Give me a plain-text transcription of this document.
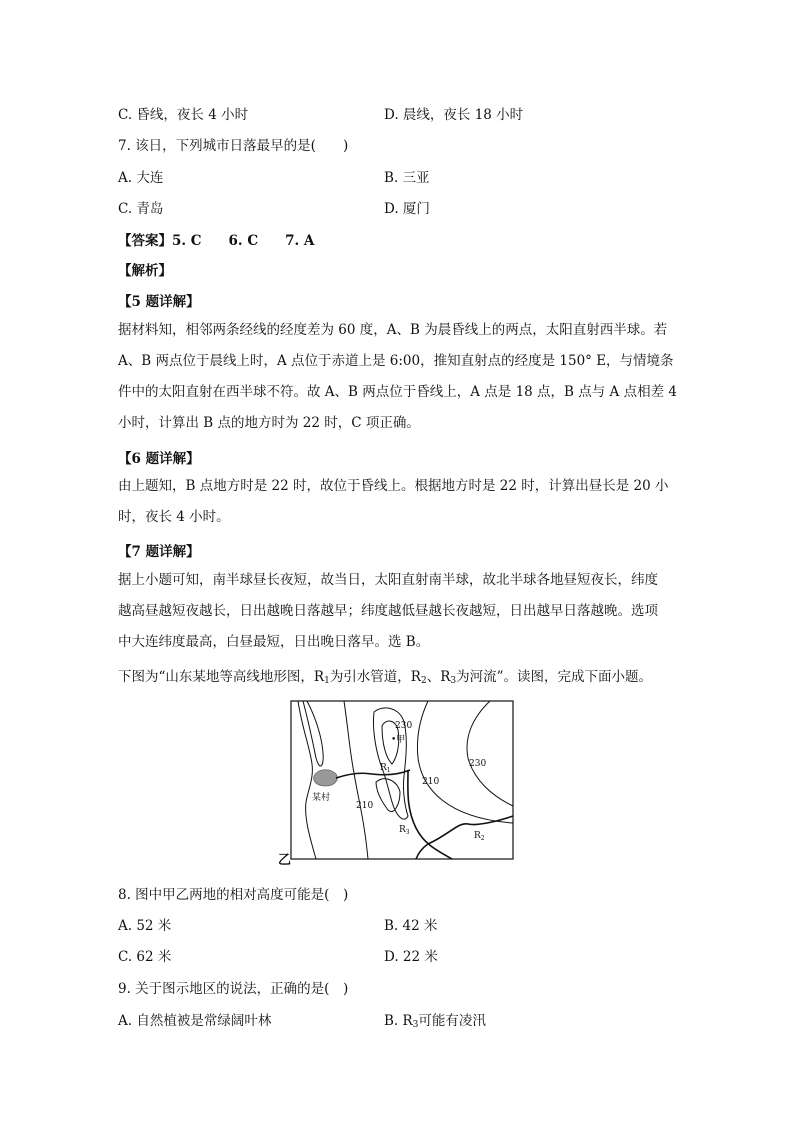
C. 昏线，夜长 4 小时	D. 晨线，夜长 18 小时
7. 该日，下列城市日落最早的是(　　)
A. 大连	B. 三亚
C. 青岛	D. 厦门
【答案】5. C　　6. C　　7. A
【解析】
【5 题详解】
据材料知，相邻两条经线的经度差为 60 度，A、B 为晨昏线上的两点，太阳直射西半球。若
A、B 两点位于晨线上时，A 点位于赤道上是 6:00，推知直射点的经度是 150° E，与情境条
件中的太阳直射在西半球不符。故 A、B 两点位于昏线上，A 点是 18 点，B 点与 A 点相差 4
小时，计算出 B 点的地方时为 22 时，C 项正确。
【6 题详解】
由上题知，B 点地方时是 22 时，故位于昏线上。根据地方时是 22 时，计算出昼长是 20 小
时，夜长 4 小时。
【7 题详解】
据上小题可知，南半球昼长夜短，故当日，太阳直射南半球，故北半球各地昼短夜长，纬度
越高昼越短夜越长，日出越晚日落越早；纬度越低昼越长夜越短，日出越早日落越晚。选项
中大连纬度最高，白昼最短，日出晚日落早。选 B。
下图为“山东某地等高线地形图，$R_1$为引水管道，$R_2$、$R_3$为河流”。读图，完成下面小题。
230
•甲
$R_1$
210
230
某村
210
$R_3$	$R_2$
乙
8. 图中甲乙两地的相对高度可能是(　)
A. 52 米	B. 42 米
C. 62 米	D. 22 米
9. 关于图示地区的说法，正确的是(　)
A. 自然植被是常绿阔叶林	B. $R_3$可能有凌汛
